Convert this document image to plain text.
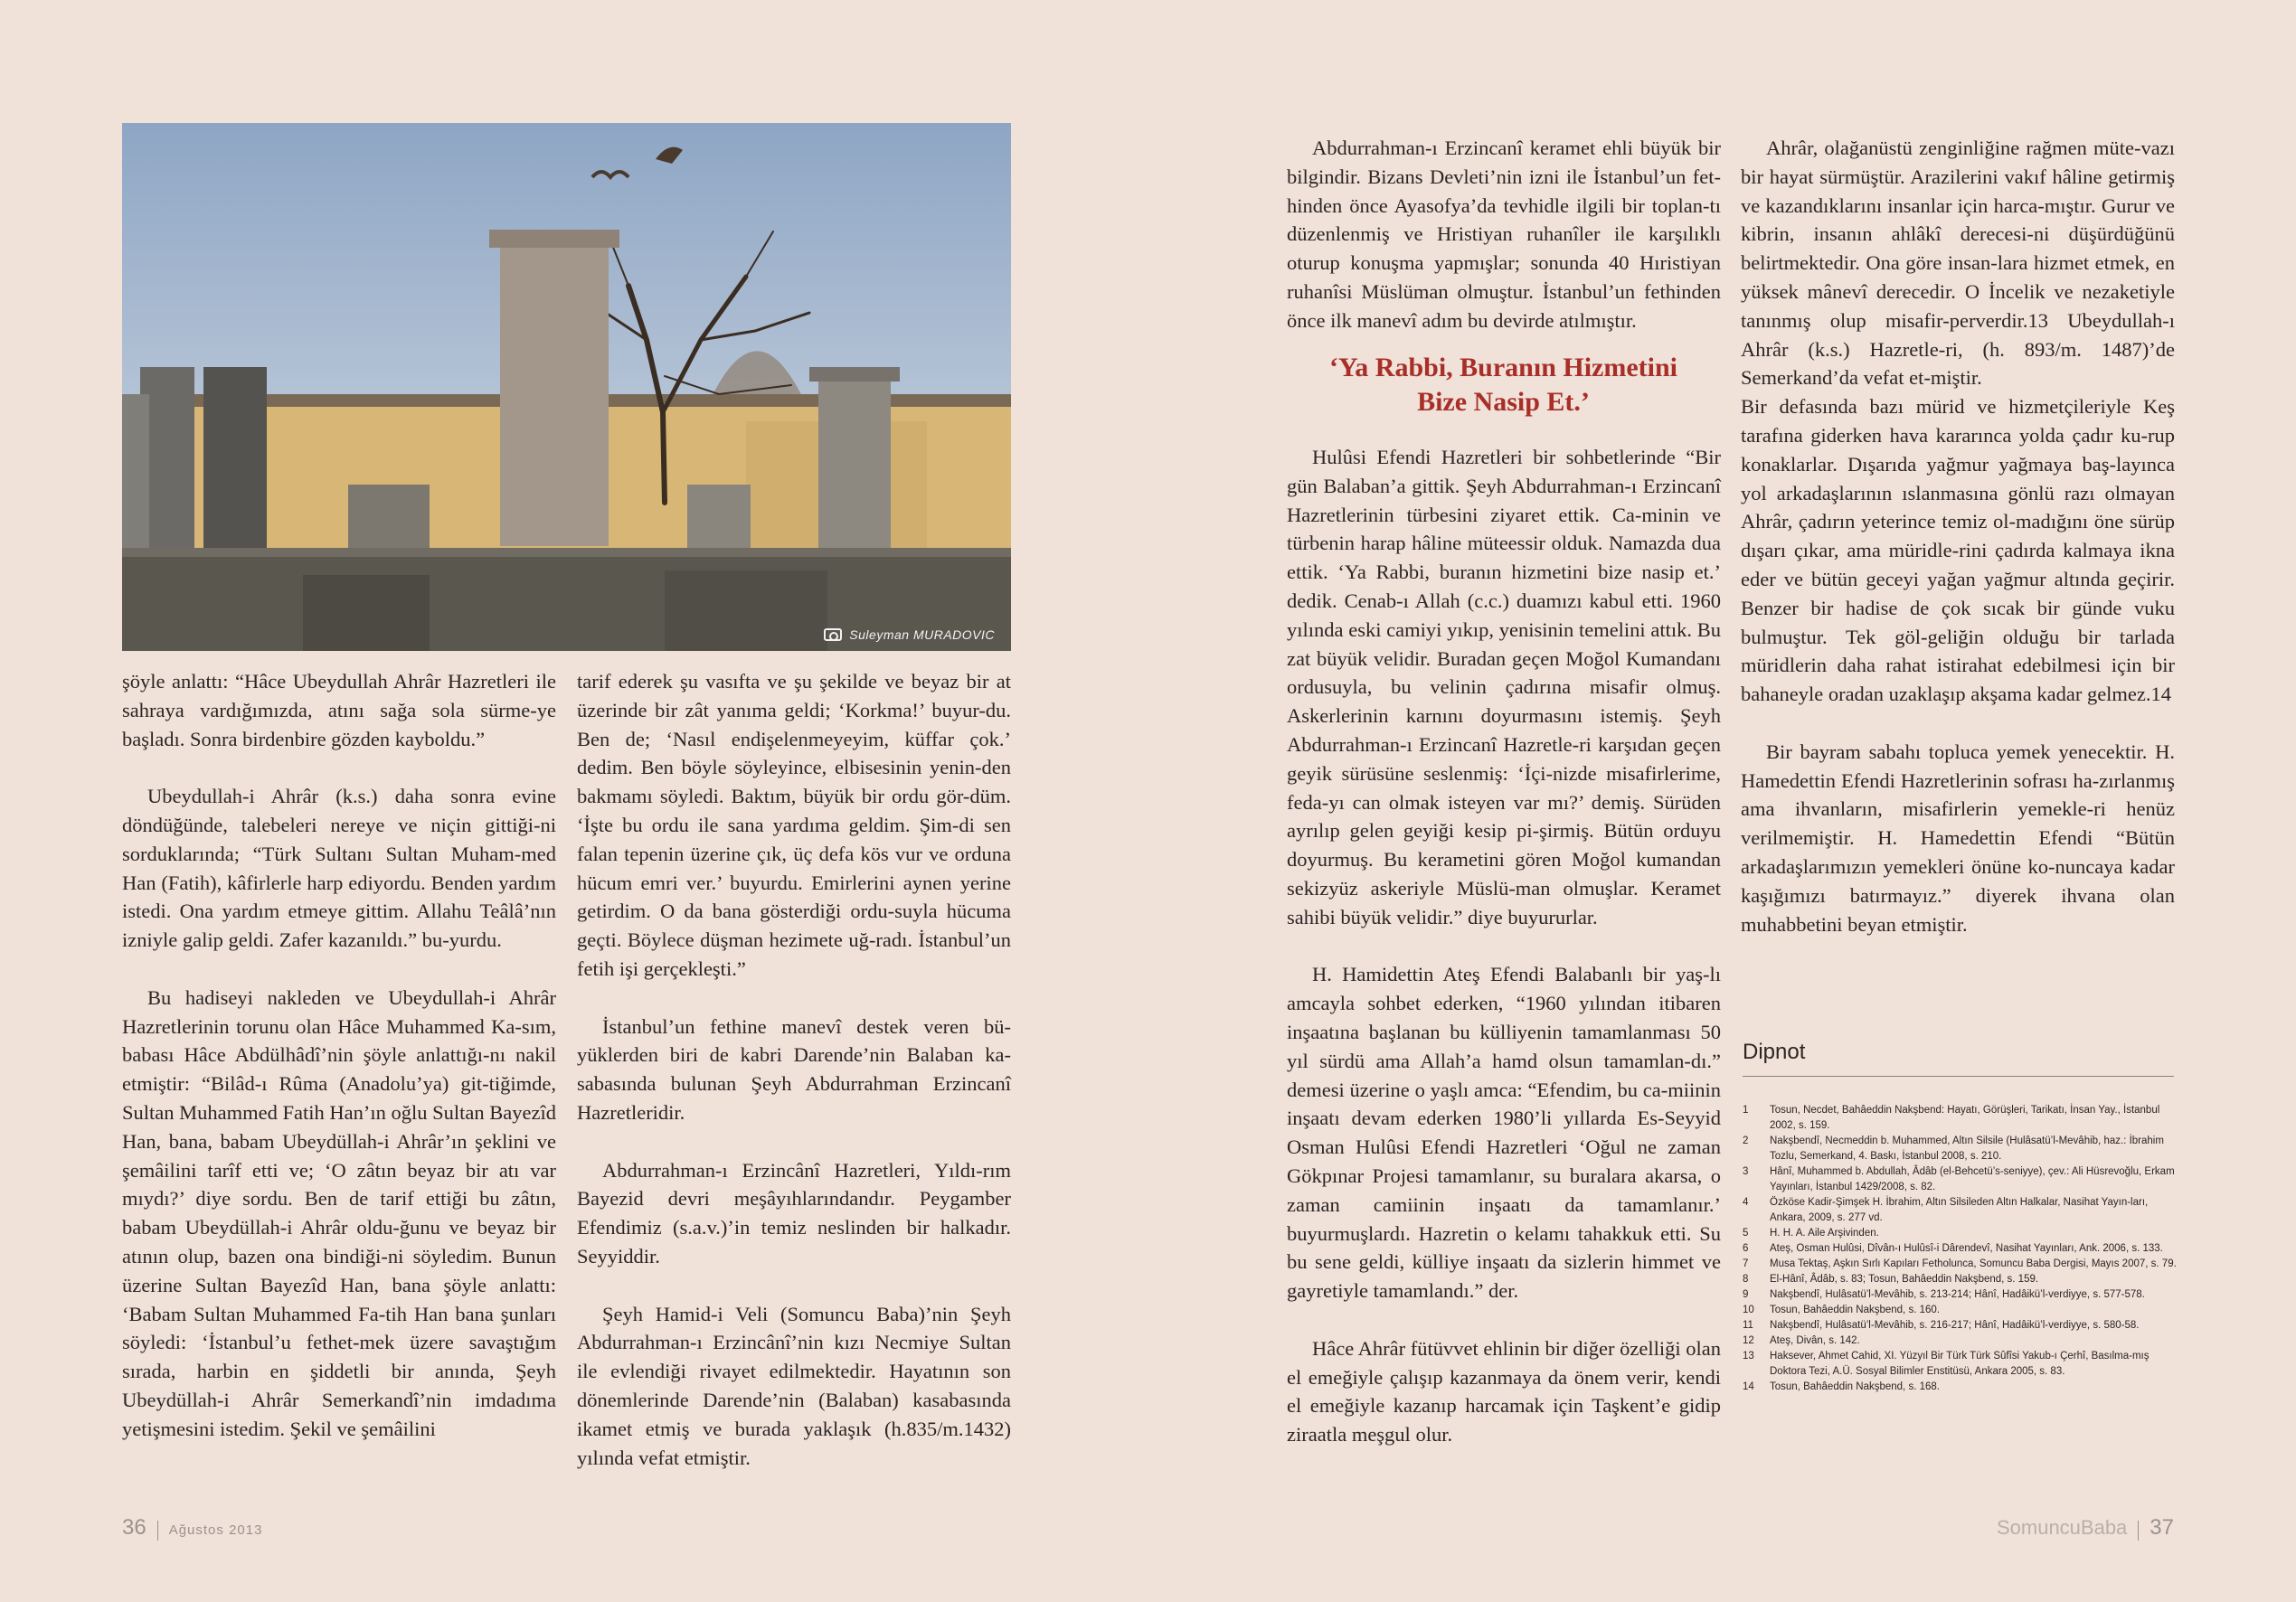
Suleyman MURADOVIC

şöyle anlattı: “Hâce Ubeydullah Ahrâr Hazretleri ile sahraya vardığımızda, atını sağa sola sürme-ye başladı. Sonra birdenbire gözden kayboldu.”

Ubeydullah-i Ahrâr (k.s.) daha sonra evine döndüğünde, talebeleri nereye ve niçin gittiği-ni sorduklarında; “Türk Sultanı Sultan Muham-med Han (Fatih), kâfirlerle harp ediyordu. Benden yardım istedi. Ona yardım etmeye gittim. Allahu Teâlâ’nın izniyle galip geldi. Zafer kazanıldı.” bu-yurdu.

Bu hadiseyi nakleden ve Ubeydullah-i Ahrâr Hazretlerinin torunu olan Hâce Muhammed Ka-sım, babası Hâce Abdülhâdî’nin şöyle anlattığı-nı nakil etmiştir: “Bilâd-ı Rûma (Anadolu’ya) git-tiğimde, Sultan Muhammed Fatih Han’ın oğlu Sultan Bayezîd Han, bana, babam Ubeydüllah-i Ahrâr’ın şeklini ve şemâilini tarîf etti ve; ‘O zâtın beyaz bir atı var mıydı?’ diye sordu. Ben de tarif ettiği bu zâtın, babam Ubeydüllah-i Ahrâr oldu-ğunu ve beyaz bir atının olup, bazen ona bindiği-ni söyledim. Bunun üzerine Sultan Bayezîd Han, bana şöyle anlattı: ‘Babam Sultan Muhammed Fa-tih Han bana şunları söyledi: ‘İstanbul’u fethet-mek üzere savaştığım sırada, harbin en şiddetli bir anında, Şeyh Ubeydüllah-i Ahrâr Semerkandî’nin imdadıma yetişmesini istedim. Şekil ve şemâilini

tarif ederek şu vasıfta ve şu şekilde ve beyaz bir at üzerinde bir zât yanıma geldi; ‘Korkma!’ buyur-du. Ben de; ‘Nasıl endişelenmeyeyim, küffar çok.’ dedim. Ben böyle söyleyince, elbisesinin yenin-den bakmamı söyledi. Baktım, büyük bir ordu gör-düm. ‘İşte bu ordu ile sana yardıma geldim. Şim-di sen falan tepenin üzerine çık, üç defa kös vur ve orduna hücum emri ver.’ buyurdu. Emirlerini aynen yerine getirdim. O da bana gösterdiği ordu-suyla hücuma geçti. Böylece düşman hezimete uğ-radı. İstanbul’un fetih işi gerçekleşti.”

İstanbul’un fethine manevî destek veren bü-yüklerden biri de kabri Darende’nin Balaban ka-sabasında bulunan Şeyh Abdurrahman Erzincanî Hazretleridir.

Abdurrahman-ı Erzincânî Hazretleri, Yıldı-rım Bayezid devri meşâyıhlarındandır. Peygamber Efendimiz (s.a.v.)’in temiz neslinden bir halkadır. Seyyiddir.

Şeyh Hamid-i Veli (Somuncu Baba)’nin Şeyh Abdurrahman-ı Erzincânî’nin kızı Necmiye Sultan ile evlendiği rivayet edilmektedir. Hayatının son dönemlerinde Darende’nin (Balaban) kasabasında ikamet etmiş ve burada yaklaşık (h.835/m.1432) yılında vefat etmiştir.

Abdurrahman-ı Erzincanî keramet ehli büyük bir bilgindir. Bizans Devleti’nin izni ile İstanbul’un fet-hinden önce Ayasofya’da tevhidle ilgili bir toplan-tı düzenlenmiş ve Hristiyan ruhanîler ile karşılıklı oturup konuşma yapmışlar; sonunda 40 Hıristiyan ruhanîsi Müslüman olmuştur. İstanbul’un fethinden önce ilk manevî adım bu devirde atılmıştır.

‘Ya Rabbi, Buranın Hizmetini
Bize Nasip Et.’

Hulûsi Efendi Hazretleri bir sohbetlerinde “Bir gün Balaban’a gittik. Şeyh Abdurrahman-ı Erzincanî Hazretlerinin türbesini ziyaret ettik. Ca-minin ve türbenin harap hâline müteessir olduk. Namazda dua ettik. ‘Ya Rabbi, buranın hizmetini bize nasip et.’ dedik. Cenab-ı Allah (c.c.) duamızı kabul etti. 1960 yılında eski camiyi yıkıp, yenisinin temelini attık. Bu zat büyük velidir. Buradan geçen Moğol Kumandanı ordusuyla, bu velinin çadırına misafir olmuş. Askerlerinin karnını doyurmasını istemiş. Şeyh Abdurrahman-ı Erzincanî Hazretle-ri karşıdan geçen geyik sürüsüne seslenmiş: ‘İçi-nizde misafirlerime, feda-yı can olmak isteyen var mı?’ demiş. Sürüden ayrılıp gelen geyiği kesip pi-şirmiş. Bütün orduyu doyurmuş. Bu kerametini gören Moğol kumandan sekizyüz askeriyle Müslü-man olmuşlar. Keramet sahibi büyük velidir.” diye buyururlar.

H. Hamidettin Ateş Efendi Balabanlı bir yaş-lı amcayla sohbet ederken, “1960 yılından itibaren inşaatına başlanan bu külliyenin tamamlanması 50 yıl sürdü ama Allah’a hamd olsun tamamlan-dı.” demesi üzerine o yaşlı amca: “Efendim, bu ca-miinin inşaatı devam ederken 1980’li yıllarda Es-Seyyid Osman Hulûsi Efendi Hazretleri ‘Oğul ne zaman Gökpınar Projesi tamamlanır, su buralara akarsa, o zaman camiinin inşaatı da tamamlanır.’ buyurmuşlardı. Hazretin o kelamı tahakkuk etti. Su bu sene geldi, külliye inşaatı da sizlerin himmet ve gayretiyle tamamlandı.” der.

Hâce Ahrâr fütüvvet ehlinin bir diğer özelliği olan el emeğiyle çalışıp kazanmaya da önem verir, kendi el emeğiyle kazanıp harcamak için Taşkent’e gidip ziraatla meşgul olur.

Ahrâr, olağanüstü zenginliğine rağmen müte-vazı bir hayat sürmüştür. Arazilerini vakıf hâline getirmiş ve kazandıklarını insanlar için harca-mıştır. Gurur ve kibrin, insanın ahlâkî derecesi-ni düşürdüğünü belirtmektedir. Ona göre insan-lara hizmet etmek, en yüksek mânevî derecedir. O İncelik ve nezaketiyle tanınmış olup misafir-perverdir.13 Ubeydullah-ı Ahrâr (k.s.) Hazretle-ri, (h. 893/m. 1487)’de Semerkand’da vefat et-miştir.

Bir defasında bazı mürid ve hizmetçileriyle Keş tarafına giderken hava kararınca yolda çadır ku-rup konaklarlar. Dışarıda yağmur yağmaya baş-layınca yol arkadaşlarının ıslanmasına gönlü razı olmayan Ahrâr, çadırın yeterince temiz ol-madığını öne sürüp dışarı çıkar, ama müridle-rini çadırda kalmaya ikna eder ve bütün geceyi yağan yağmur altında geçirir. Benzer bir hadise de çok sıcak bir günde vuku bulmuştur. Tek göl-geliğin olduğu bir tarlada müridlerin daha rahat istirahat edebilmesi için bir bahaneyle oradan uzaklaşıp akşama kadar gelmez.14

Bir bayram sabahı topluca yemek yenecektir. H. Hamedettin Efendi Hazretlerinin sofrası ha-zırlanmış ama ihvanların, misafirlerin yemekle-ri henüz verilmemiştir. H. Hamedettin Efendi “Bütün arkadaşlarımızın yemekleri önüne ko-nuncaya kadar kaşığımızı batırmayız.” diyerek ihvana olan muhabbetini beyan etmiştir.

Dipnot
1	Tosun, Necdet, Bahâeddin Nakşbend: Hayatı, Görüşleri, Tarikatı, İnsan Yay., İstanbul 2002, s. 159.
2	Nakşbendî, Necmeddin b. Muhammed, Altın Silsile (Hulâsatü’l-Mevâhib, haz.: İbrahim Tozlu, Semerkand, 4. Baskı, İstanbul 2008, s. 210.
3	Hânî, Muhammed b. Abdullah, Âdâb (el-Behcetü’s-seniyye), çev.: Ali Hüsrevoğlu, Erkam Yayınları, İstanbul 1429/2008, s. 82.
4	Özköse Kadir-Şimşek H. İbrahim, Altın Silsileden Altın Halkalar, Nasihat Yayın-ları, Ankara, 2009, s. 277 vd.
5	H. H. A. Aile Arşivinden.
6	Ateş, Osman Hulûsi, Dîvân-ı Hulûsî-i Dârendevî, Nasihat Yayınları, Ank. 2006, s. 133.
7	Musa Tektaş, Aşkın Sırlı Kapıları Fetholunca, Somuncu Baba Dergisi, Mayıs 2007, s. 79.
8	El-Hânî, Âdâb, s. 83; Tosun, Bahâeddin Nakşbend, s. 159.
9	Nakşbendî, Hulâsatü’l-Mevâhib, s. 213-214; Hânî, Hadâikü’l-verdiyye, s. 577-578.
10	Tosun, Bahâeddin Nakşbend, s. 160.
11	Nakşbendî, Hulâsatü’l-Mevâhib, s. 216-217; Hânî, Hadâikü’l-verdiyye, s. 580-58.
12	Ateş, Divân, s. 142.
13	Haksever, Ahmet Cahid, XI. Yüzyıl Bir Türk Türk Sûfîsi Yakub-ı Çerhî, Basılma-mış Doktora Tezi, A.Ü. Sosyal Bilimler Enstitüsü, Ankara 2005, s. 83.
14	Tosun, Bahâeddin Nakşbend, s. 168.
36 Ağustos 2013	SomuncuBaba 37
